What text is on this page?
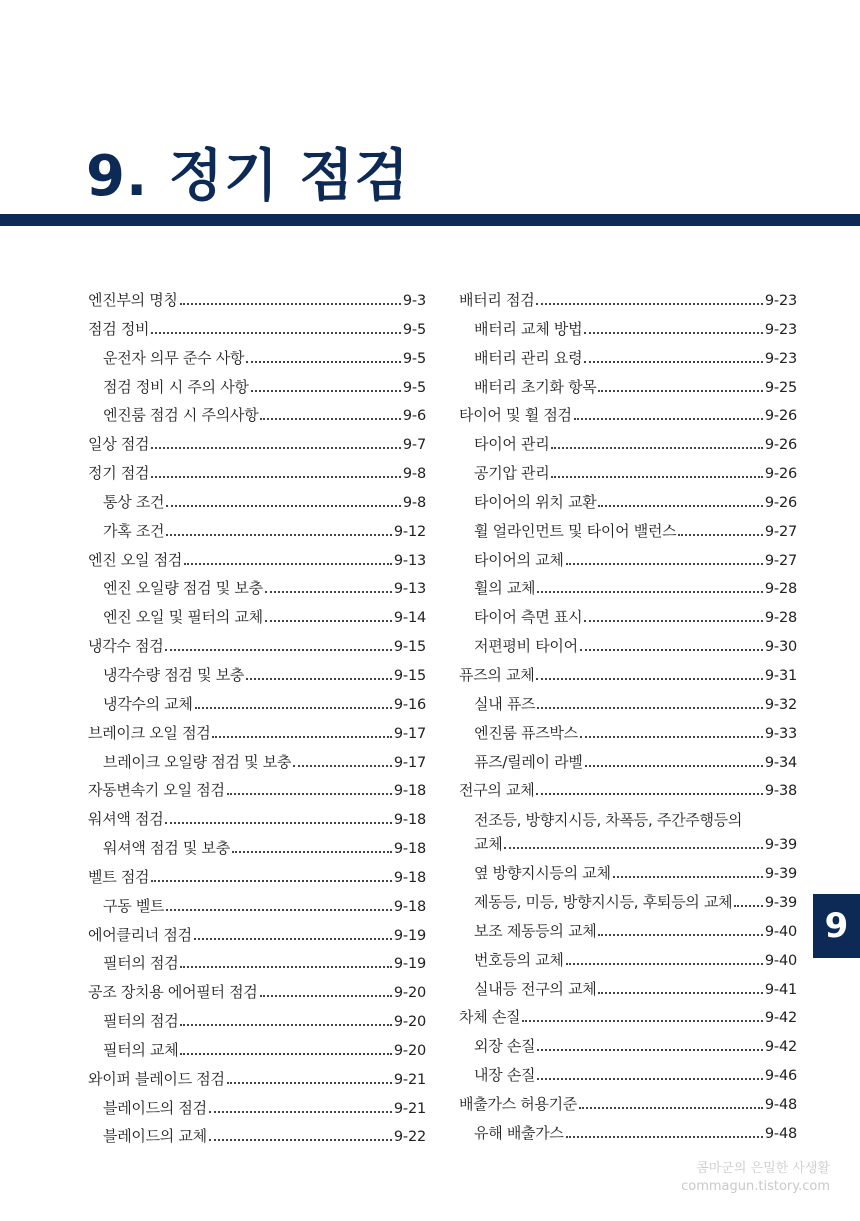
9. 정기 점검
엔진부의 명칭	9-3
점검 정비	9-5
운전자 의무 준수 사항	9-5
점검 정비 시 주의 사항	9-5
엔진룸 점검 시 주의사항	9-6
일상 점검	9-7
정기 점검	9-8
통상 조건	9-8
가혹 조건	9-12
엔진 오일 점검	9-13
엔진 오일량 점검 및 보충	9-13
엔진 오일 및 필터의 교체	9-14
냉각수 점검	9-15
냉각수량 점검 및 보충	9-15
냉각수의 교체	9-16
브레이크 오일 점검	9-17
브레이크 오일량 점검 및 보충	9-17
자동변속기 오일 점검	9-18
워셔액 점검	9-18
워셔액 점검 및 보충	9-18
벨트 점검	9-18
구동 벨트	9-18
에어클리너 점검	9-19
필터의 점검	9-19
공조 장치용 에어필터 점검	9-20
필터의 점검	9-20
필터의 교체	9-20
와이퍼 블레이드 점검	9-21
블레이드의 점검	9-21
블레이드의 교체	9-22
배터리 점검	9-23
배터리 교체 방법	9-23
배터리 관리 요령	9-23
배터리 초기화 항목	9-25
타이어 및 휠 점검	9-26
타이어 관리	9-26
공기압 관리	9-26
타이어의 위치 교환	9-26
휠 얼라인먼트 및 타이어 밸런스	9-27
타이어의 교체	9-27
휠의 교체	9-28
타이어 측면 표시	9-28
저편평비 타이어	9-30
퓨즈의 교체	9-31
실내 퓨즈	9-32
엔진룸 퓨즈박스	9-33
퓨즈/릴레이 라벨	9-34
전구의 교체	9-38
전조등, 방향지시등, 차폭등, 주간주행등의
교체	9-39
옆 방향지시등의 교체	9-39
제동등, 미등, 방향지시등, 후퇴등의 교체 9-39
보조 제동등의 교체	9-40
번호등의 교체	9-40
실내등 전구의 교체	9-41
차체 손질	9-42
외장 손질	9-42
내장 손질	9-46
배출가스 허용기준	9-48
유해 배출가스	9-48
9
콤마군의 은밀한 사생활
commagun.tistory.com
